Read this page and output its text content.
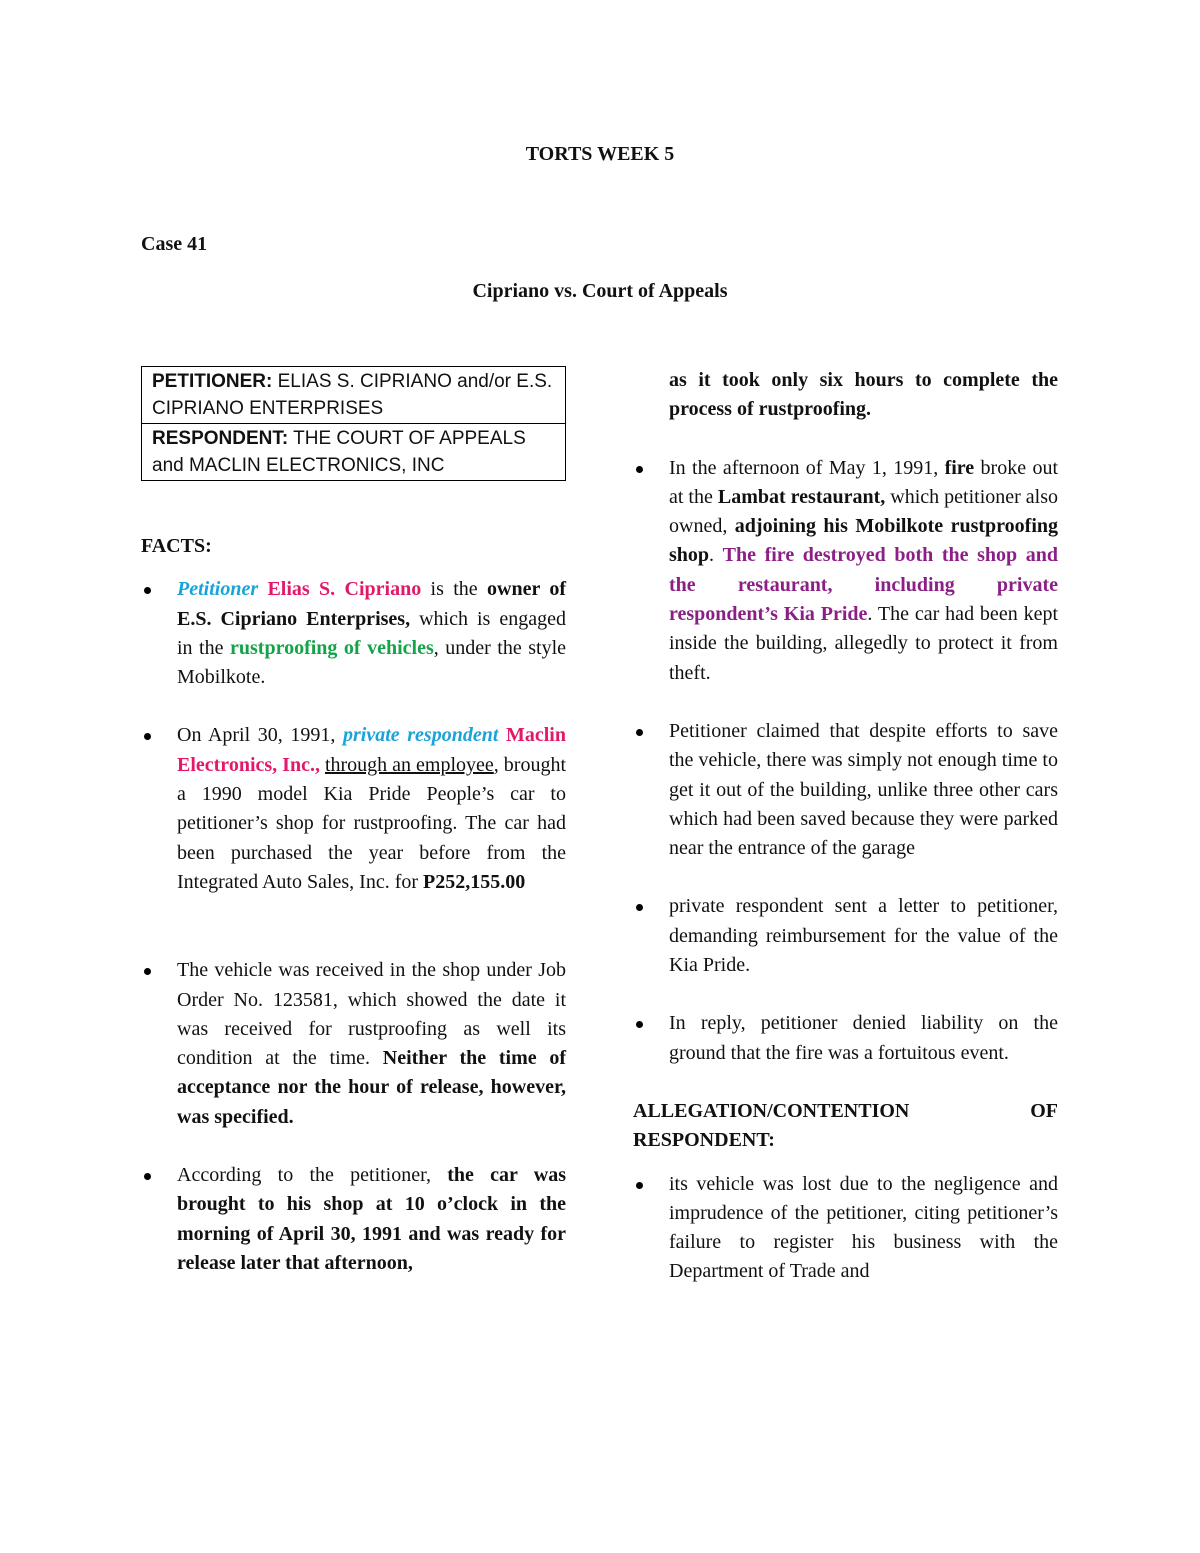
TORTS WEEK 5
Case 41
Cipriano vs. Court of Appeals
PETITIONER: ELIAS S. CIPRIANO and/or E.S. CIPRIANO ENTERPRISES
RESPONDENT: THE COURT OF APPEALS and MACLIN ELECTRONICS, INC

FACTS:

Petitioner Elias S. Cipriano is the owner of E.S. Cipriano Enterprises, which is engaged in the rustproofing of vehicles, under the style Mobilkote.
On April 30, 1991, private respondent Maclin Electronics, Inc., through an employee, brought a 1990 model Kia Pride People’s car to petitioner’s shop for rustproofing. The car had been purchased the year before from the Integrated Auto Sales, Inc. for P252,155.00
The vehicle was received in the shop under Job Order No. 123581, which showed the date it was received for rustproofing as well its condition at the time. Neither the time of acceptance nor the hour of release, however, was specified.
According to the petitioner, the car was brought to his shop at 10 o’clock in the morning of April 30, 1991 and was ready for release later that afternoon,
as it took only six hours to complete the process of rustproofing.
In the afternoon of May 1, 1991, fire broke out at the Lambat restaurant, which petitioner also owned, adjoining his Mobilkote rustproofing shop. The fire destroyed both the shop and the restaurant, including private respondent’s Kia Pride. The car had been kept inside the building, allegedly to protect it from theft.
Petitioner claimed that despite efforts to save the vehicle, there was simply not enough time to get it out of the building, unlike three other cars which had been saved because they were parked near the entrance of the garage
private respondent sent a letter to petitioner, demanding reimbursement for the value of the Kia Pride.
In reply, petitioner denied liability on the ground that the fire was a fortuitous event.

ALLEGATION/CONTENTION OF RESPONDENT:

its vehicle was lost due to the negligence and imprudence of the petitioner, citing petitioner’s failure to register his business with the Department of Trade and
